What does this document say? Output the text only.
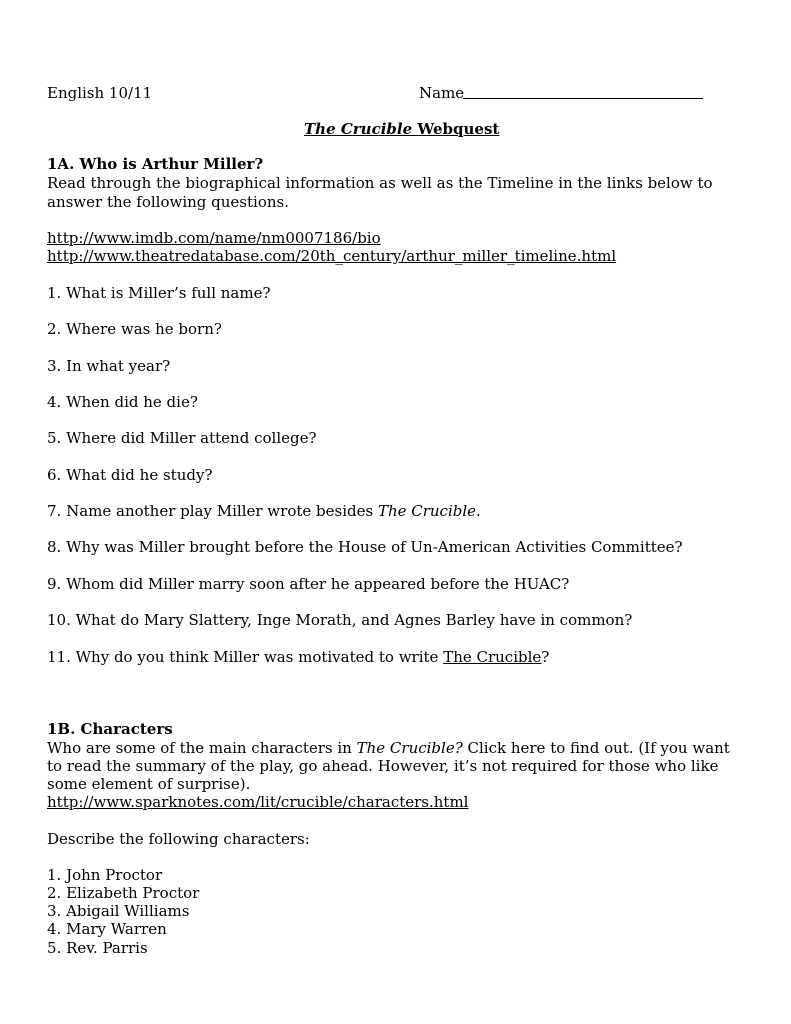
English 10/11	Name
The Crucible Webquest
1A. Who is Arthur Miller?
Read through the biographical information as well as the Timeline in the links below to
answer the following questions.
http://www.imdb.com/name/nm0007186/bio
http://www.theatredatabase.com/20th_century/arthur_miller_timeline.html
1. What is Miller’s full name?
2. Where was he born?
3. In what year?
4. When did he die?
5. Where did Miller attend college?
6. What did he study?
7. Name another play Miller wrote besides The Crucible.
8. Why was Miller brought before the House of Un-American Activities Committee?
9. Whom did Miller marry soon after he appeared before the HUAC?
10. What do Mary Slattery, Inge Morath, and Agnes Barley have in common?
11. Why do you think Miller was motivated to write The Crucible?
1B. Characters
Who are some of the main characters in The Crucible? Click here to find out. (If you want
to read the summary of the play, go ahead. However, it’s not required for those who like
some element of surprise).
http://www.sparknotes.com/lit/crucible/characters.html
Describe the following characters:
1. John Proctor
2. Elizabeth Proctor
3. Abigail Williams
4. Mary Warren
5. Rev. Parris
